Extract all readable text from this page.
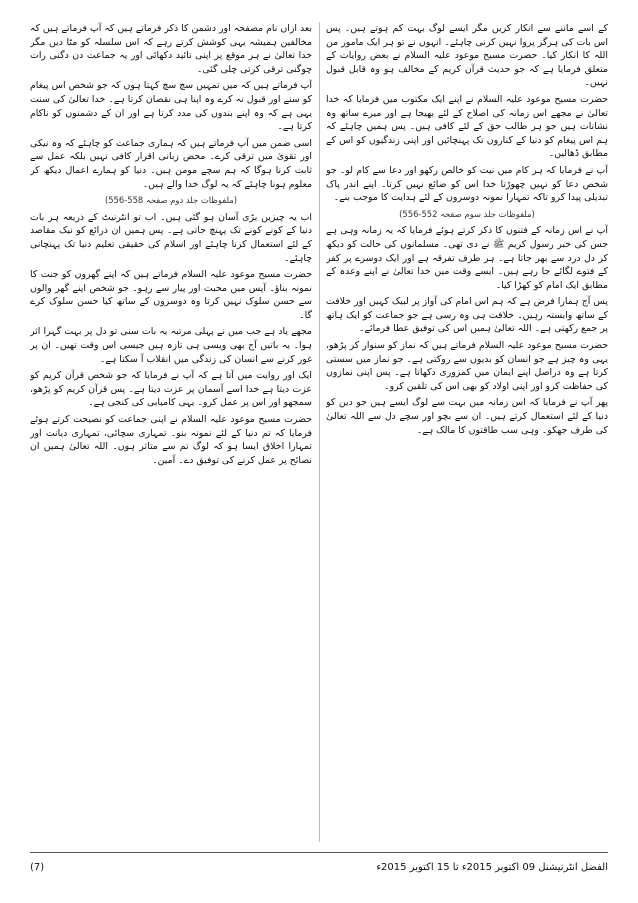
کے اسے ماننے سے انکار کریں مگر ایسے لوگ بہت کم ہوتے ہیں۔ پس اس بات کی ہرگز پروا نہیں کرنی چاہئے۔ انہوں نے تو ہر ایک مامور من اللہ کا انکار کیا۔ حضرت مسیح موعود علیہ السلام نے بعض روایات کے متعلق فرمایا ہے کہ جو حدیث قرآن کریم کے مخالف ہو وہ قابل قبول نہیں۔

حضرت مسیح موعود علیہ السلام نے اپنے ایک مکتوب میں فرمایا کہ خدا تعالیٰ نے مجھے اس زمانہ کی اصلاح کے لئے بھیجا ہے اور میرے ساتھ وہ نشانات ہیں جو ہر طالب حق کے لئے کافی ہیں۔ پس ہمیں چاہئے کہ ہم اس پیغام کو دنیا کے کناروں تک پہنچائیں اور اپنی زندگیوں کو اس کے مطابق ڈھالیں۔

آپ نے فرمایا کہ ہر کام میں نیت کو خالص رکھو اور دعا سے کام لو۔ جو شخص دعا کو نہیں چھوڑتا خدا اس کو ضائع نہیں کرتا۔ اپنے اندر پاک تبدیلی پیدا کرو تاکہ تمہارا نمونہ دوسروں کے لئے ہدایت کا موجب بنے۔

(ملفوظات جلد سوم صفحہ 552-556)

آپ نے اس زمانہ کے فتنوں کا ذکر کرتے ہوئے فرمایا کہ یہ زمانہ وہی ہے جس کی خبر رسول کریم ﷺ نے دی تھی۔ مسلمانوں کی حالت کو دیکھ کر دل درد سے بھر جاتا ہے۔ ہر طرف تفرقہ ہے اور ایک دوسرے پر کفر کے فتوے لگائے جا رہے ہیں۔ ایسے وقت میں خدا تعالیٰ نے اپنے وعدہ کے مطابق ایک امام کو کھڑا کیا۔

پس آج ہمارا فرض ہے کہ ہم اس امام کی آواز پر لبیک کہیں اور خلافت کے ساتھ وابستہ رہیں۔ خلافت ہی وہ رسی ہے جو جماعت کو ایک ہاتھ پر جمع رکھتی ہے۔ اللہ تعالیٰ ہمیں اس کی توفیق عطا فرمائے۔

حضرت مسیح موعود علیہ السلام فرماتے ہیں کہ نماز کو سنوار کر پڑھو، یہی وہ چیز ہے جو انسان کو بدیوں سے روکتی ہے۔ جو نماز میں سستی کرتا ہے وہ دراصل اپنے ایمان میں کمزوری دکھاتا ہے۔ پس اپنی نمازوں کی حفاظت کرو اور اپنی اولاد کو بھی اس کی تلقین کرو۔

پھر آپ نے فرمایا کہ اس زمانہ میں بہت سے لوگ ایسے ہیں جو دین کو دنیا کے لئے استعمال کرتے ہیں۔ ان سے بچو اور سچے دل سے اللہ تعالیٰ کی طرف جھکو۔ وہی سب طاقتوں کا مالک ہے۔

بعد ازاں نام مصفحہ اور دشمن کا ذکر فرماتے ہیں کہ آپ فرماتے ہیں کہ مخالفین ہمیشہ یہی کوشش کرتے رہے کہ اس سلسلہ کو مٹا دیں مگر خدا تعالیٰ نے ہر موقع پر اپنی تائید دکھائی اور یہ جماعت دن دگنی رات چوگنی ترقی کرتی چلی گئی۔

آپ فرماتے ہیں کہ میں تمہیں سچ سچ کہتا ہوں کہ جو شخص اس پیغام کو سنے اور قبول نہ کرے وہ اپنا ہی نقصان کرتا ہے۔ خدا تعالیٰ کی سنت یہی ہے کہ وہ اپنے بندوں کی مدد کرتا ہے اور ان کے دشمنوں کو ناکام کرتا ہے۔

اسی ضمن میں آپ فرماتے ہیں کہ ہماری جماعت کو چاہئے کہ وہ نیکی اور تقویٰ میں ترقی کرے۔ محض زبانی اقرار کافی نہیں بلکہ عمل سے ثابت کرنا ہوگا کہ ہم سچے مومن ہیں۔ دنیا کو ہمارے اعمال دیکھ کر معلوم ہونا چاہئے کہ یہ لوگ خدا والے ہیں۔

(ملفوظات جلد دوم صفحہ 558-556)

اب یہ چیزیں بڑی آسان ہو گئی ہیں۔ اب تو انٹرنیٹ کے ذریعہ ہر بات دنیا کے کونے کونے تک پہنچ جاتی ہے۔ پس ہمیں ان ذرائع کو نیک مقاصد کے لئے استعمال کرنا چاہئے اور اسلام کی حقیقی تعلیم دنیا تک پہنچانی چاہئے۔

حضرت مسیح موعود علیہ السلام فرماتے ہیں کہ اپنے گھروں کو جنت کا نمونہ بناؤ۔ آپس میں محبت اور پیار سے رہو۔ جو شخص اپنے گھر والوں سے حسن سلوک نہیں کرتا وہ دوسروں کے ساتھ کیا حسن سلوک کرے گا۔

مجھے یاد ہے جب میں نے پہلی مرتبہ یہ بات سنی تو دل پر بہت گہرا اثر ہوا۔ یہ باتیں آج بھی ویسی ہی تازہ ہیں جیسی اس وقت تھیں۔ ان پر غور کرنے سے انسان کی زندگی میں انقلاب آ سکتا ہے۔

ایک اور روایت میں آتا ہے کہ آپ نے فرمایا کہ جو شخص قرآن کریم کو عزت دیتا ہے خدا اسے آسمان پر عزت دیتا ہے۔ پس قرآن کریم کو پڑھو، سمجھو اور اس پر عمل کرو۔ یہی کامیابی کی کنجی ہے۔

حضرت مسیح موعود علیہ السلام نے اپنی جماعت کو نصیحت کرتے ہوئے فرمایا کہ تم دنیا کے لئے نمونہ بنو۔ تمہاری سچائی، تمہاری دیانت اور تمہارا اخلاق ایسا ہو کہ لوگ تم سے متاثر ہوں۔ اللہ تعالیٰ ہمیں ان نصائح پر عمل کرنے کی توفیق دے۔ آمین۔

(7)	الفضل انٹرنیشنل 09 اکتوبر 2015ء تا 15 اکتوبر 2015ء
